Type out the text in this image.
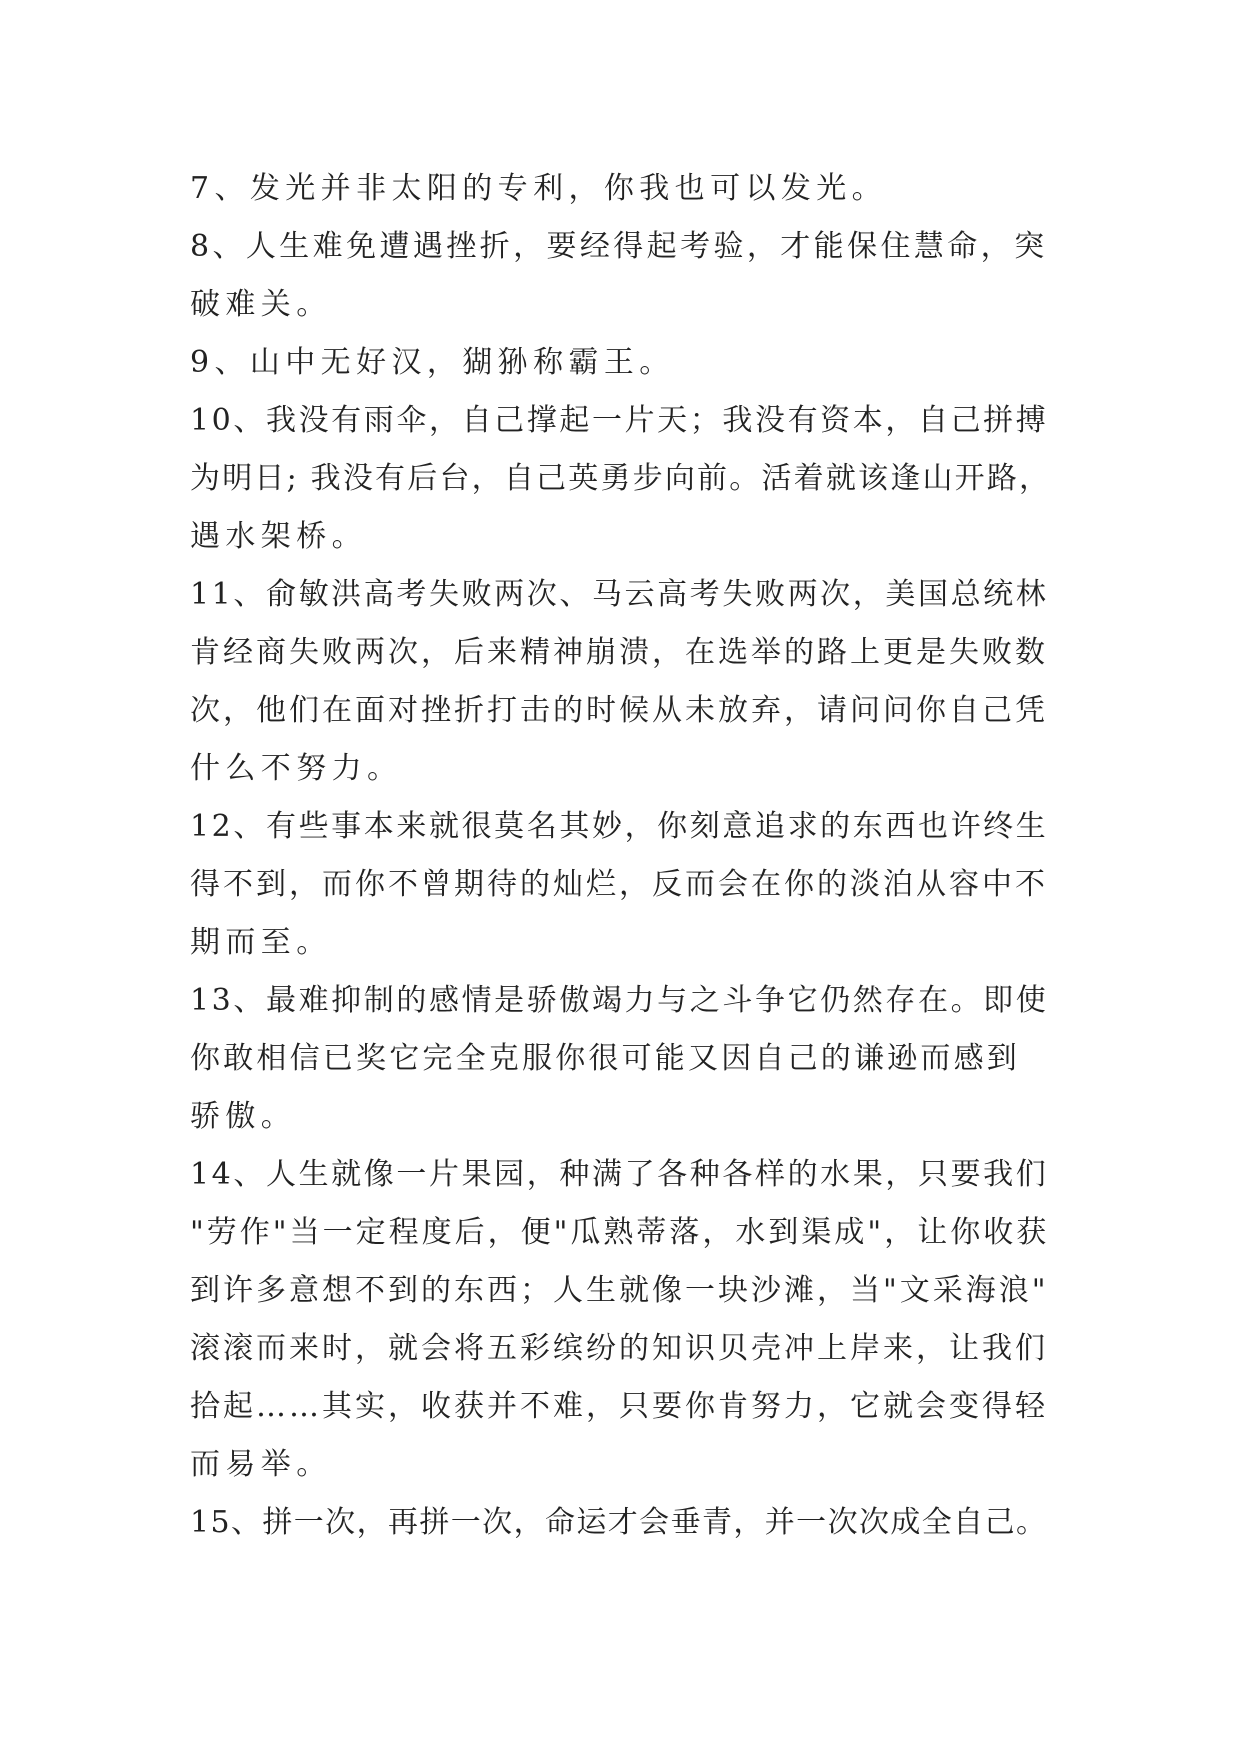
7、发光并非太阳的专利，你我也可以发光。
8、人生难免遭遇挫折，要经得起考验，才能保住慧命，突
破难关。
9、山中无好汉，猢狲称霸王。
10、我没有雨伞，自己撑起一片天；我没有资本，自己拼搏
为明日; 我没有后台，自己英勇步向前。活着就该逢山开路，
遇水架桥。
11、俞敏洪高考失败两次、马云高考失败两次，美国总统林
肯经商失败两次，后来精神崩溃，在选举的路上更是失败数
次，他们在面对挫折打击的时候从未放弃，请问问你自己凭
什么不努力。
12、有些事本来就很莫名其妙，你刻意追求的东西也许终生
得不到，而你不曾期待的灿烂，反而会在你的淡泊从容中不
期而至。
13、最难抑制的感情是骄傲竭力与之斗争它仍然存在。即使
你敢相信已奖它完全克服你很可能又因自己的谦逊而感到
骄傲。
14、人生就像一片果园，种满了各种各样的水果，只要我们
"劳作"当一定程度后，便"瓜熟蒂落，水到渠成"，让你收获
到许多意想不到的东西；人生就像一块沙滩，当"文采海浪"
滚滚而来时，就会将五彩缤纷的知识贝壳冲上岸来，让我们
拾起……其实，收获并不难，只要你肯努力，它就会变得轻
而易举。
15、拼一次，再拼一次，命运才会垂青，并一次次成全自己。
